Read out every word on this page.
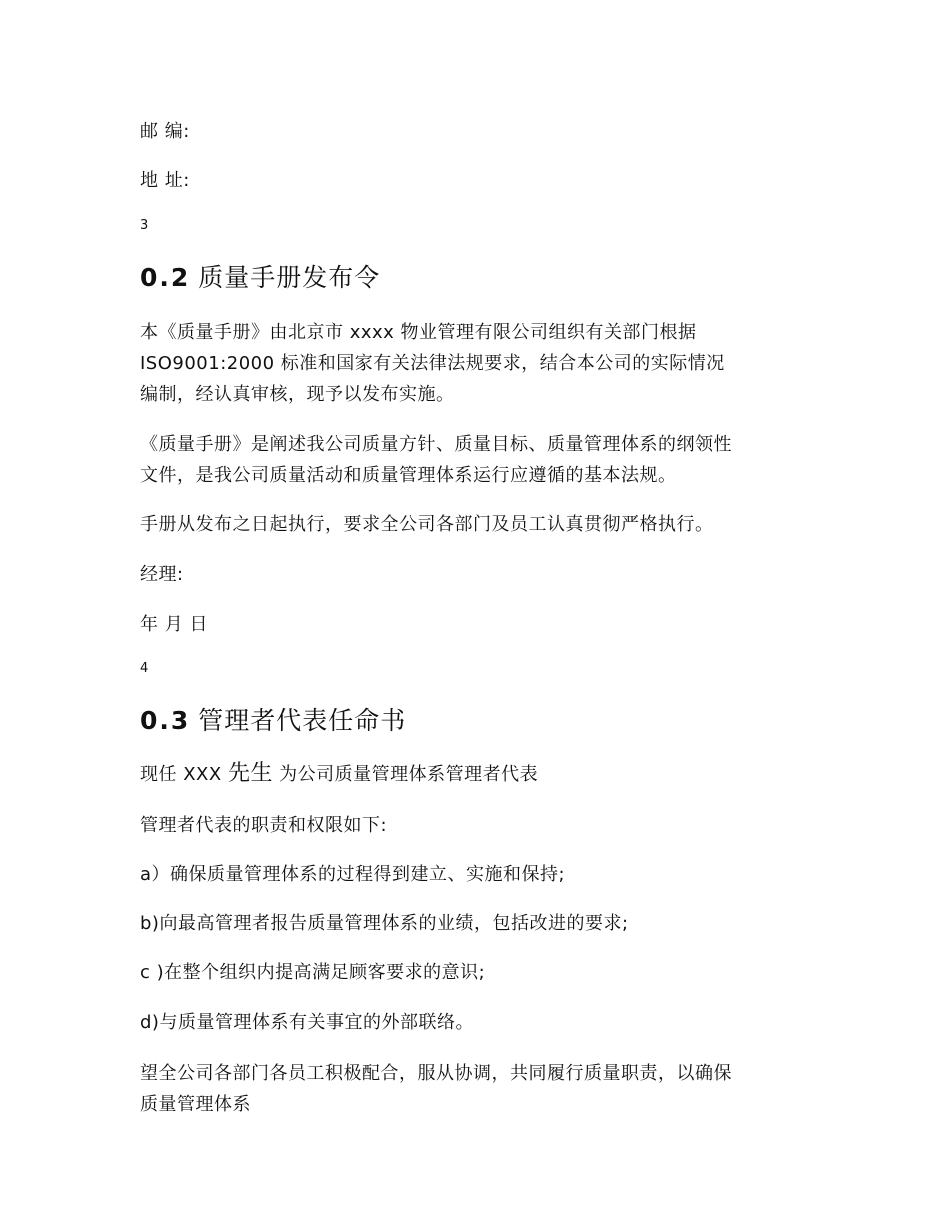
邮 编:
地 址:
3
0.2 质量手册发布令
本《质量手册》由北京市 xxxx 物业管理有限公司组织有关部门根据
ISO9001:2000 标准和国家有关法律法规要求，结合本公司的实际情况
编制，经认真审核，现予以发布实施。
《质量手册》是阐述我公司质量方针、质量目标、质量管理体系的纲领性
文件，是我公司质量活动和质量管理体系运行应遵循的基本法规。
手册从发布之日起执行，要求全公司各部门及员工认真贯彻严格执行。
经理:
年 月 日
4
0.3 管理者代表任命书
现任 XXX 先生 为公司质量管理体系管理者代表
管理者代表的职责和权限如下:
a）确保质量管理体系的过程得到建立、实施和保持;
b)向最高管理者报告质量管理体系的业绩，包括改进的要求;
c )在整个组织内提高满足顾客要求的意识;
d)与质量管理体系有关事宜的外部联络。
望全公司各部门各员工积极配合，服从协调，共同履行质量职责，以确保
质量管理体系
